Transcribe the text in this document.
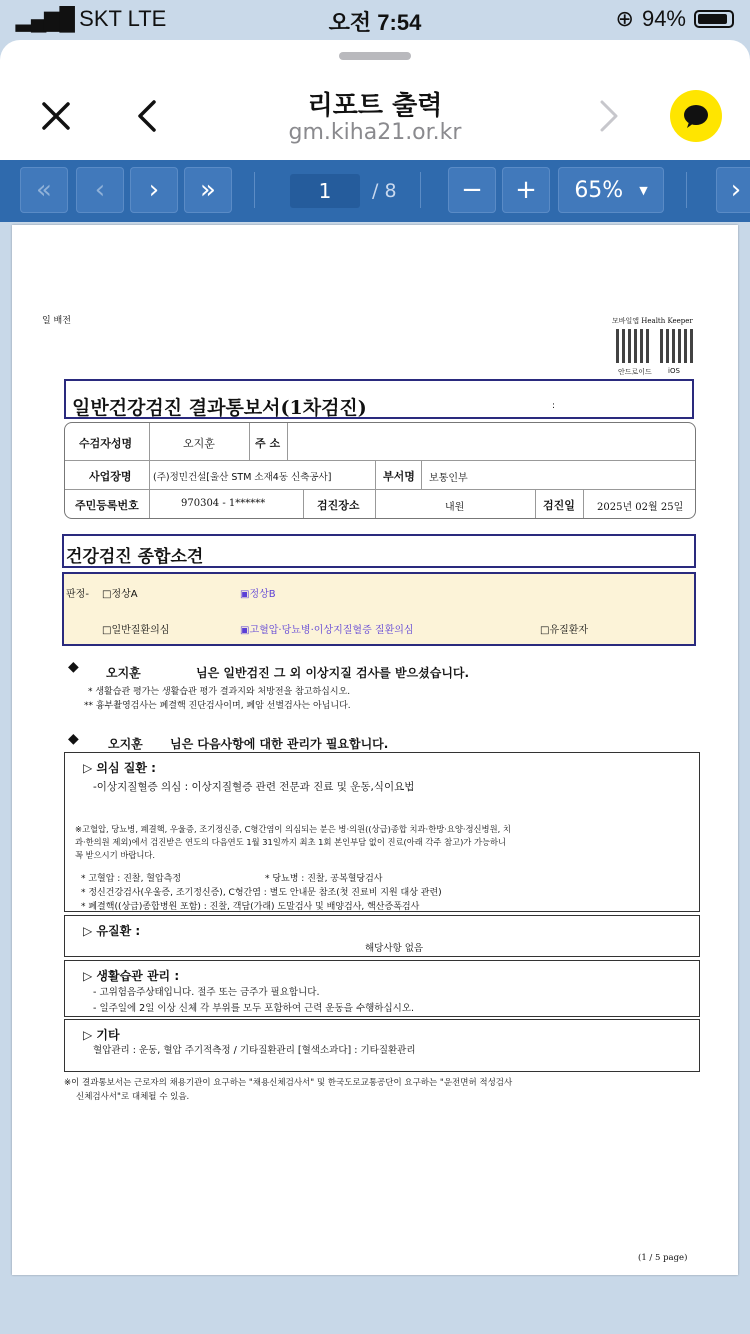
▂▄▆█ SKT LTE	오전 7:54	⊕ 94%
리포트 출력
gm.kiha21.or.kr
«	‹	›	»	1	/ 8	−	+	65% ▼	›
일 배전	모바일앱 Health Keeper
안드로이드 iOS
일반건강검진 결과통보서(1차검진)	:
수검자성명	오지훈	주 소
사업장명 (주)정민건설[울산 STM 소재4동 신축공사]	부서명 보통인부
주민등록번호	970304 - 1******	검진장소	내원	검진일 2025년 02월 25일
건강검진 종합소견
판정- □정상A	▣정상B
□일반질환의심	▣고혈압·당뇨병·이상지질혈증 질환의심	□유질환자
◆ 오지훈	님은 일반검진 그 외 이상지질 검사를 받으셨습니다.
* 생활습관 평가는 생활습관 평가 결과지와 처방전을 참고하십시오.
** 흉부촬영검사는 폐결핵 진단검사이며, 폐암 선별검사는 아닙니다.
◆ 오지훈 님은 다음사항에 대한 관리가 필요합니다.
▷ 의심 질환 :
-이상지질혈증 의심 : 이상지질혈증 관련 전문과 진료 및 운동,식이요법
※고혈압, 당뇨병, 폐결핵, 우울증, 조기정신증, C형간염이 의심되는 분은 병·의원((상급)종합 치과·한방·요양·정신병원, 치
과·한의원 제외)에서 검진받은 연도의 다음연도 1월 31일까지 최초 1회 본인부담 없이 진료(아래 각주 참고)가 가능하니
꼭 받으시기 바랍니다.
* 고혈압 : 진찰, 혈압측정	* 당뇨병 : 진찰, 공복혈당검사
* 정신건강검사(우울증, 조기정신증), C형간염 : 별도 안내문 참조(첫 진료비 지원 대상 관련)
* 폐결핵((상급)종합병원 포함) : 진찰, 객담(가래) 도말검사 및 배양검사, 핵산증폭검사
▷ 유질환 :
해당사항 없음
▷ 생활습관 관리 :
- 고위험음주상태입니다. 절주 또는 금주가 필요합니다.
- 일주일에 2일 이상 신체 각 부위를 모두 포함하여 근력 운동을 수행하십시오.
▷ 기타
혈압관리 : 운동, 혈압 주기적측정 / 기타질환관리 [혈색소과다] : 기타질환관리
※이 결과통보서는 근로자의 채용기관이 요구하는 "채용신체검사서" 및 한국도로교통공단이 요구하는 "운전면허 적성검사
신체검사서"로 대체될 수 있음.
(1 / 5 page)
